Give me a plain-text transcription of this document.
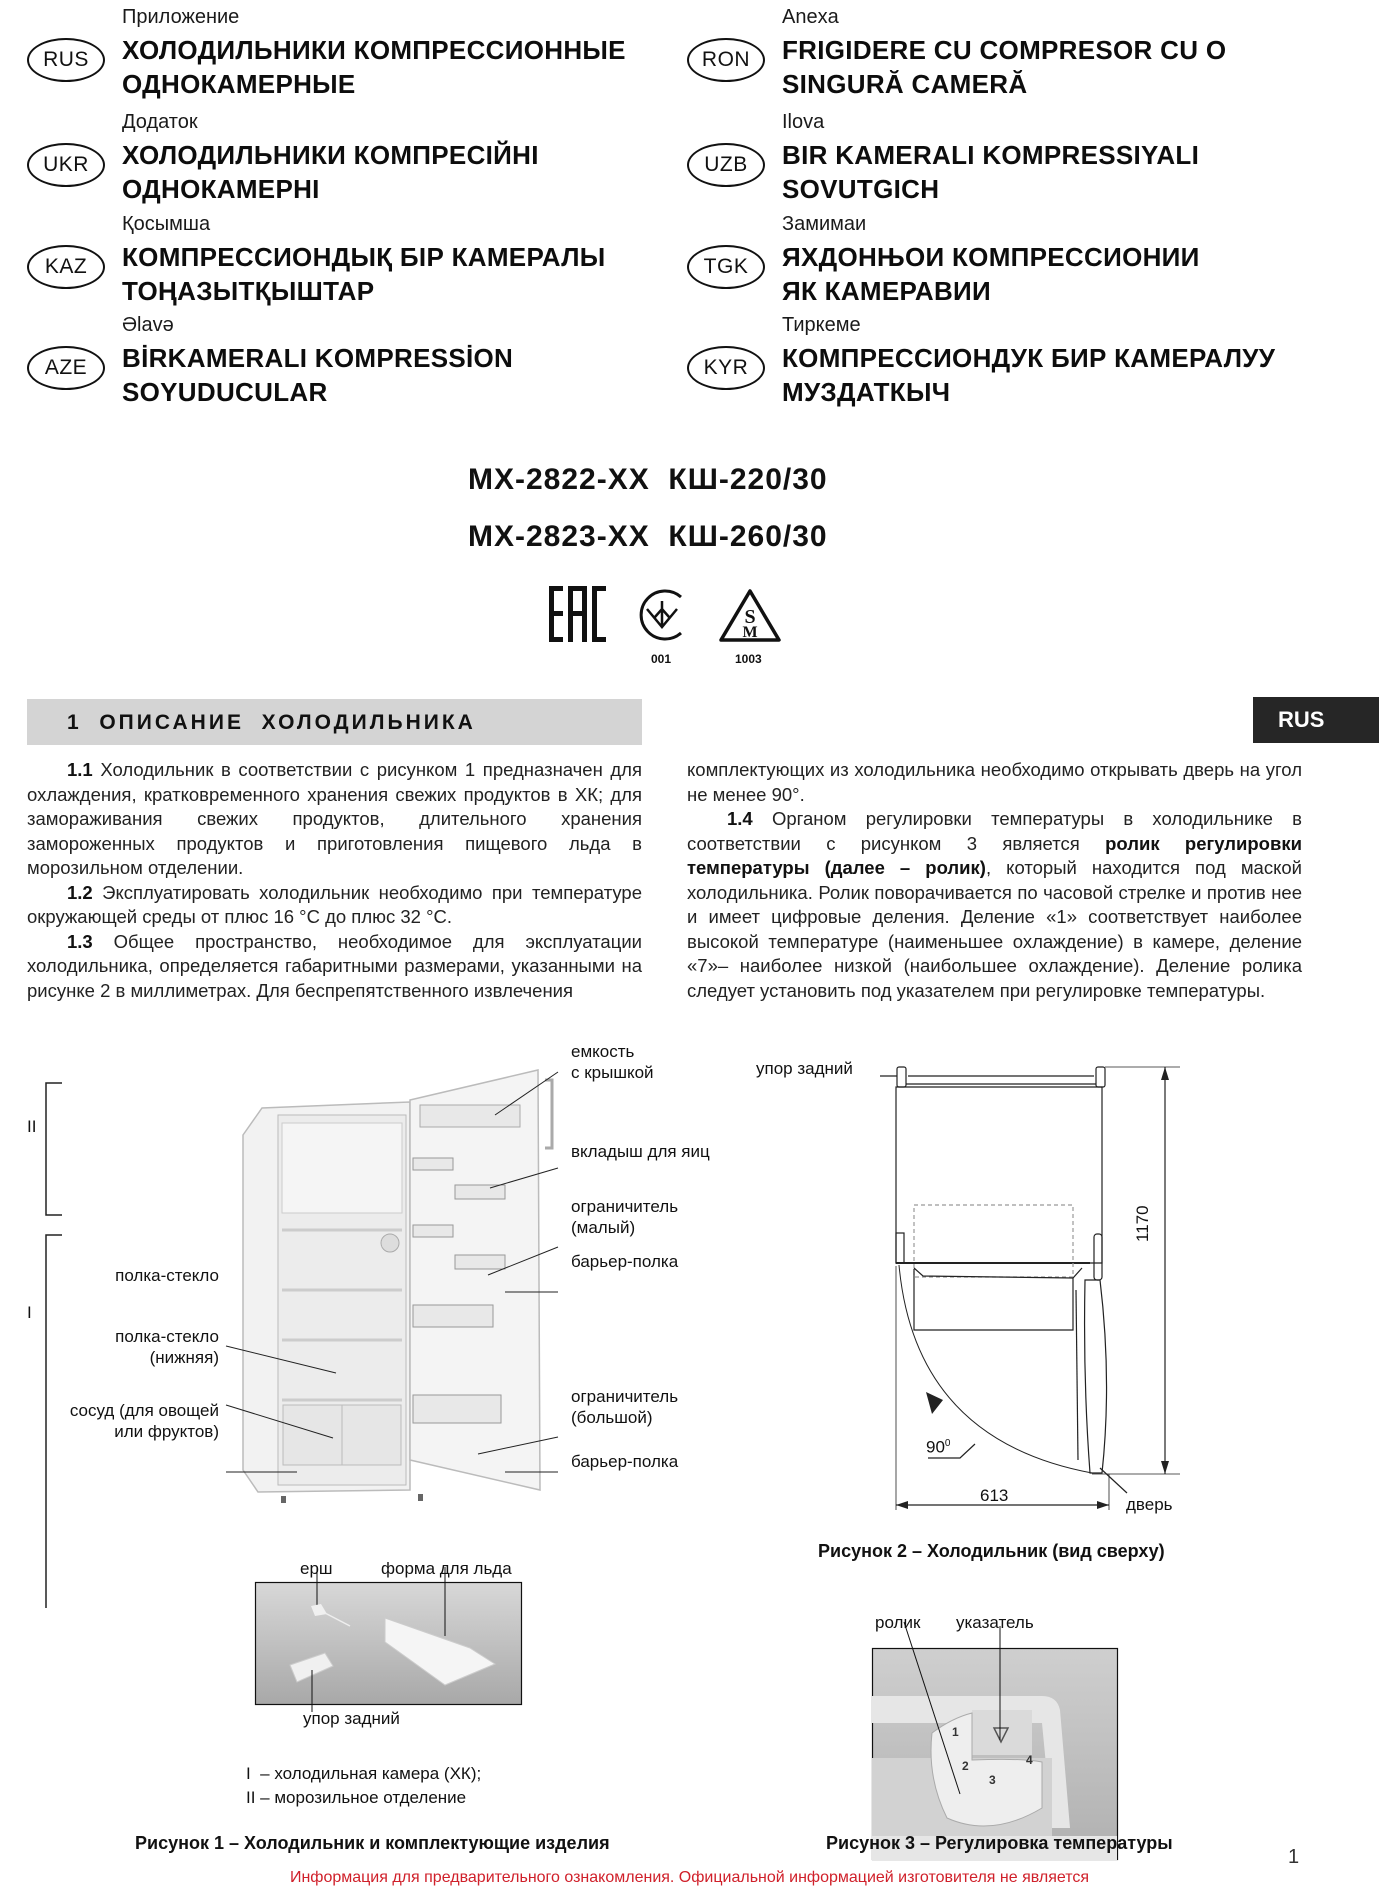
Приложение
RUS	ХОЛОДИЛЬНИКИ КОМПРЕССИОННЫЕ
ОДНОКАМЕРНЫЕ
Додаток
UKR	ХОЛОДИЛЬНИКИ КОМПРЕСІЙНІ
ОДНОКАМЕРНІ
Қосымша
KAZ	КОМПРЕССИОНДЫҚ БІР КАМЕРАЛЫ
ТОҢАЗЫТҚЫШТАР
Əlavə
AZE	BİRKAMERALI KOMPRESSİON
SOYUDUCULAR
Anexa
RON	FRIGIDERE CU COMPRESOR CU O
SINGURĂ CAMERĂ
Ilova
UZB	BIR KAMERALI KOMPRESSIYALI
SOVUTGICH
Замимаи
TGK	ЯХДОНЊОИ КОМПРЕССИОНИИ
ЯК КАМЕРАВИИ
Тиркеме
KYR	КОМПРЕССИОНДУК БИР КАМЕРАЛУУ
МУЗДАТКЫЧ
МХ-2822-ХХ  КШ-220/30
МХ-2823-ХХ  КШ-260/30
001
S
M
1003
1  ОПИСАНИЕ  ХОЛОДИЛЬНИКА	RUS

1.1 Холодильник в соответствии с рисунком 1 предназначен для охлаждения, кратковременного хранения свежих продуктов в ХК; для замораживания свежих продуктов, длительного хранения замороженных продуктов и приготовления пищевого льда в морозильном отделении.

1.2 Эксплуатировать холодильник необходимо при температуре окружающей среды от плюс 16 °С до плюс 32 °С.

1.3 Общее пространство, необходимое для эксплуатации холодильника, определяется габаритными размерами, указанными на рисунке 2 в миллиметрах. Для беспрепятственного извлечения

комплектующих из холодильника необходимо открывать дверь на угол не менее 90°.

1.4 Органом регулировки температуры в холодильнике в соответствии с рисунком 3 является ролик регулировки температуры (далее – ролик), который находится под маской холодильника. Ролик поворачивается по часовой стрелке и против нее и имеет цифровые деления. Деление «1» соответствует наиболее высокой температуре (наименьшее охлаждение) в камере, деление «7»– наиболее низкой (наибольшее охлаждение). Деление ролика следует установить под указателем при регулировке температуры.

II
I
полка-стекло
полка-стекло
(нижняя)
сосуд (для овощей
или фруктов)
емкость
с крышкой
вкладыш для яиц
ограничитель
(малый)
барьер-полка
ограничитель
(большой)
барьер-полка
ерш	форма для льда
упор задний
I  – холодильная камера (ХК);
II – морозильное отделение
Рисунок 1 – Холодильник и комплектующие изделия
упор задний
1170
$90^0$
613	дверь
Рисунок 2 – Холодильник (вид сверху)
ролик указатель
1
2
3
4
Рисунок 3 – Регулировка температуры
1
Информация для предварительного ознакомления. Официальной информацией изготовителя не является
